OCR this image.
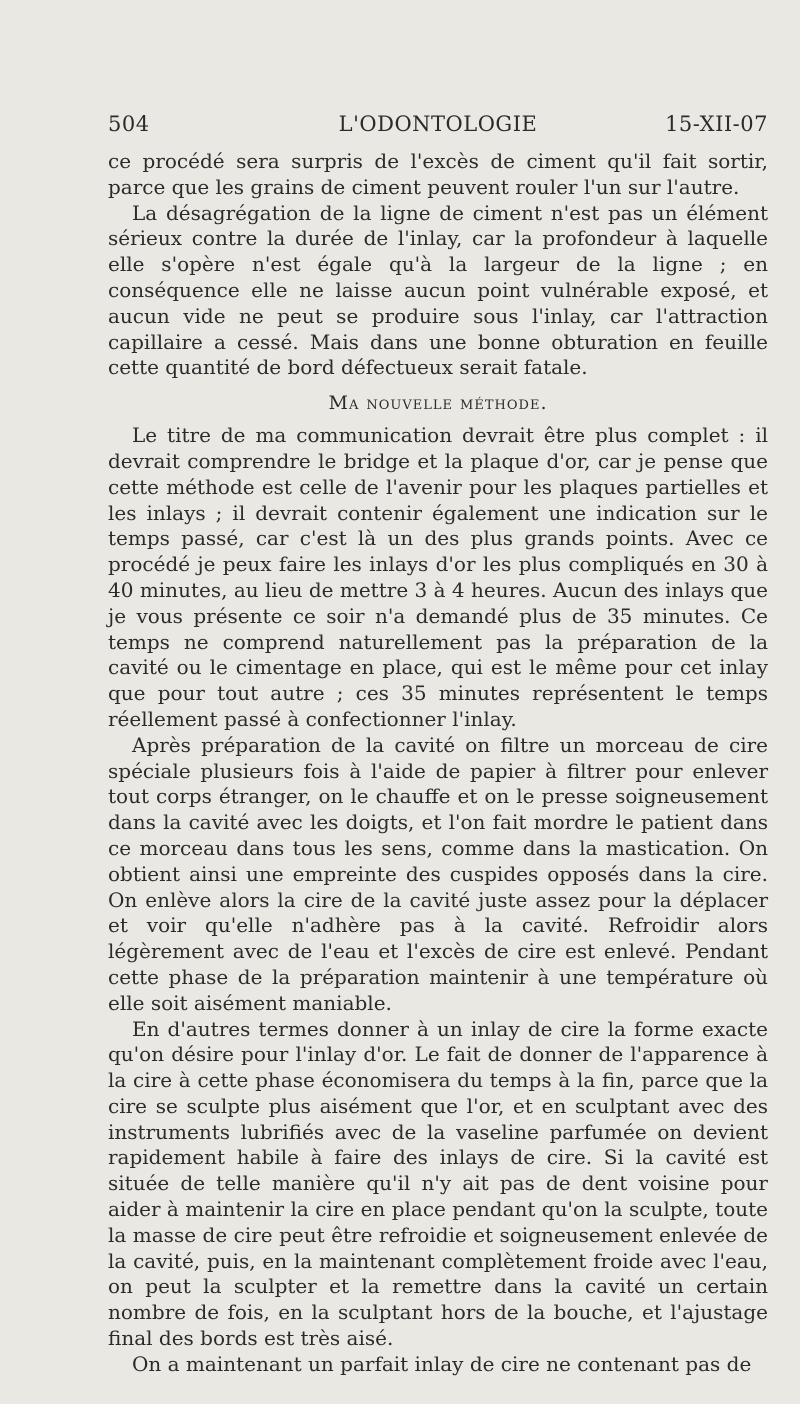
504	L'ODONTOLOGIE	15-XII-07

ce procédé sera surpris de l'excès de ciment qu'il fait sortir, parce que les grains de ciment peuvent rouler l'un sur l'autre.

La désagrégation de la ligne de ciment n'est pas un élément sérieux contre la durée de l'inlay, car la profondeur à laquelle elle s'opère n'est égale qu'à la largeur de la ligne ; en conséquence elle ne laisse aucun point vulnérable exposé, et aucun vide ne peut se produire sous l'inlay, car l'attraction capillaire a cessé. Mais dans une bonne obturation en feuille cette quantité de bord défectueux serait fatale.

Ma nouvelle méthode.

Le titre de ma communication devrait être plus complet : il devrait comprendre le bridge et la plaque d'or, car je pense que cette méthode est celle de l'avenir pour les plaques partielles et les inlays ; il devrait contenir également une indication sur le temps passé, car c'est là un des plus grands points. Avec ce procédé je peux faire les inlays d'or les plus compliqués en 30 à 40 minutes, au lieu de mettre 3 à 4 heures. Aucun des inlays que je vous présente ce soir n'a demandé plus de 35 minutes. Ce temps ne comprend naturellement pas la préparation de la cavité ou le cimentage en place, qui est le même pour cet inlay que pour tout autre ; ces 35 minutes représentent le temps réellement passé à confectionner l'inlay.

Après préparation de la cavité on filtre un morceau de cire spéciale plusieurs fois à l'aide de papier à filtrer pour enlever tout corps étranger, on le chauffe et on le presse soigneusement dans la cavité avec les doigts, et l'on fait mordre le patient dans ce morceau dans tous les sens, comme dans la mastication. On obtient ainsi une empreinte des cuspides opposés dans la cire. On enlève alors la cire de la cavité juste assez pour la déplacer et voir qu'elle n'adhère pas à la cavité. Refroidir alors légèrement avec de l'eau et l'excès de cire est enlevé. Pendant cette phase de la préparation maintenir à une température où elle soit aisément maniable.

En d'autres termes donner à un inlay de cire la forme exacte qu'on désire pour l'inlay d'or. Le fait de donner de l'apparence à la cire à cette phase économisera du temps à la fin, parce que la cire se sculpte plus aisément que l'or, et en sculptant avec des instruments lubrifiés avec de la vaseline parfumée on devient rapidement habile à faire des inlays de cire. Si la cavité est située de telle manière qu'il n'y ait pas de dent voisine pour aider à maintenir la cire en place pendant qu'on la sculpte, toute la masse de cire peut être refroidie et soigneusement enlevée de la cavité, puis, en la maintenant complètement froide avec l'eau, on peut la sculpter et la remettre dans la cavité un certain nombre de fois, en la sculptant hors de la bouche, et l'ajustage final des bords est très aisé.

On a maintenant un parfait inlay de cire ne contenant pas de
